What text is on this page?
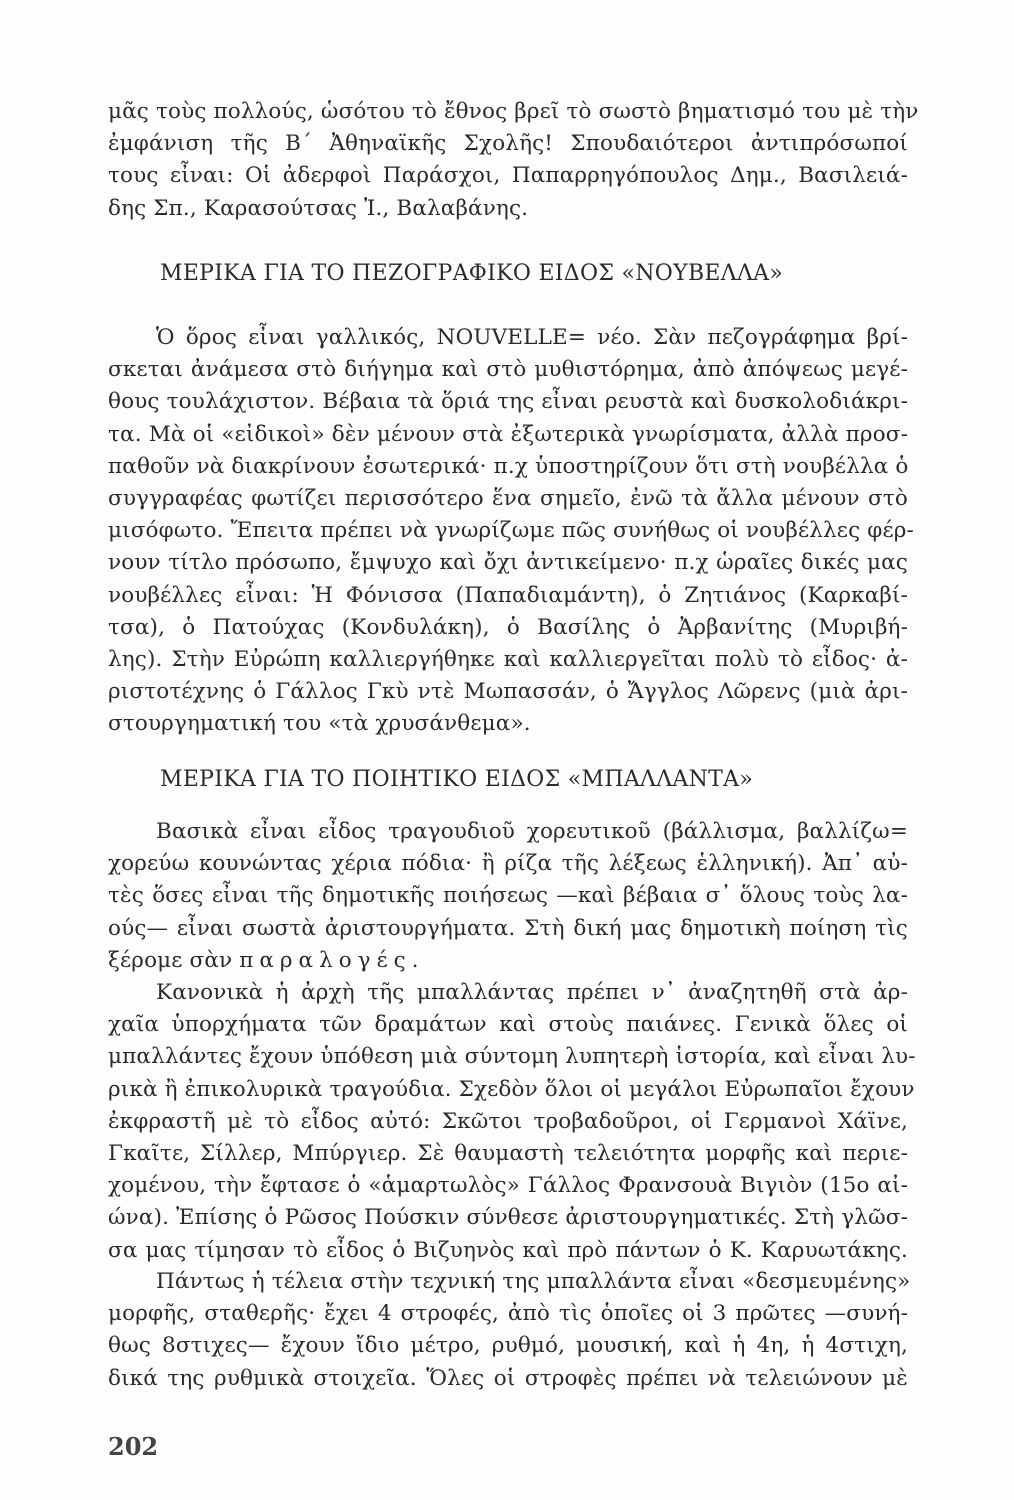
μᾶς τοὺς πολλούς, ὡσότου τὸ ἔθνος βρεῖ τὸ σωστὸ βηματισμό του μὲ τὴν
ἐμφάνιση τῆς Β΄ Ἀθηναϊκῆς Σχολῆς! Σπουδαιότεροι ἀντιπρόσωποί
τους εἶναι: Οἱ ἀδερφοὶ Παράσχοι, Παπαρρηγόπουλος Δημ., Βασιλειά-
δης Σπ., Καρασούτσας Ἰ., Βαλαβάνης.
ΜΕΡΙΚΑ ΓΙΑ ΤΟ ΠΕΖΟΓΡΑΦΙΚΟ ΕΙΔΟΣ «ΝΟΥΒΕΛΛΑ»
Ὁ ὅρος εἶναι γαλλικός, NOUVELLE= νέο. Σὰν πεζογράφημα βρί-
σκεται ἀνάμεσα στὸ διήγημα καὶ στὸ μυθιστόρημα, ἀπὸ ἀπόψεως μεγέ-
θους τουλάχιστον. Βέβαια τὰ ὅριά της εἶναι ρευστὰ καὶ δυσκολοδιάκρι-
τα. Μὰ οἱ «εἰδικοὶ» δὲν μένουν στὰ ἐξωτερικὰ γνωρίσματα, ἀλλὰ προσ-
παθοῦν νὰ διακρίνουν ἐσωτερικά· π.χ ὑποστηρίζουν ὅτι στὴ νουβέλλα ὁ
συγγραφέας φωτίζει περισσότερο ἕνα σημεῖο, ἐνῶ τὰ ἄλλα μένουν στὸ
μισόφωτο. Ἔπειτα πρέπει νὰ γνωρίζωμε πῶς συνήθως οἱ νουβέλλες φέρ-
νουν τίτλο πρόσωπο, ἔμψυχο καὶ ὄχι ἀντικείμενο· π.χ ὡραῖες δικές μας
νουβέλλες εἶναι: Ἡ Φόνισσα (Παπαδιαμάντη), ὁ Ζητιάνος (Καρκαβί-
τσα), ὁ Πατούχας (Κονδυλάκη), ὁ Βασίλης ὁ Ἀρβανίτης (Μυριβή-
λης). Στὴν Εὐρώπη καλλιεργήθηκε καὶ καλλιεργεῖται πολὺ τὸ εἶδος· ἀ-
ριστοτέχνης ὁ Γάλλος Γκὺ ντὲ Μωπασσάν, ὁ Ἄγγλος Λῶρενς (μιὰ ἀρι-
στουργηματική του «τὰ χρυσάνθεμα».
ΜΕΡΙΚΑ ΓΙΑ ΤΟ ΠΟΙΗΤΙΚΟ ΕΙΔΟΣ «ΜΠΑΛΛΑΝΤΑ»
Βασικὰ εἶναι εἶδος τραγουδιοῦ χορευτικοῦ (βάλλισμα, βαλλίζω=
χορεύω κουνώντας χέρια πόδια· ἢ ρίζα τῆς λέξεως ἑλληνική). Ἀπ᾽ αὐ-
τὲς ὅσες εἶναι τῆς δημοτικῆς ποιήσεως —καὶ βέβαια σ᾽ ὅλους τοὺς λα-
ούς— εἶναι σωστὰ ἀριστουργήματα. Στὴ δική μας δημοτικὴ ποίηση τὶς
ξέρομε σὰν παραλογές.
Κανονικὰ ἡ ἀρχὴ τῆς μπαλλάντας πρέπει ν᾽ ἀναζητηθῆ στὰ ἀρ-
χαῖα ὑπορχήματα τῶν δραμάτων καὶ στοὺς παιάνες. Γενικὰ ὅλες οἱ
μπαλλάντες ἔχουν ὑπόθεση μιὰ σύντομη λυπητερὴ ἱστορία, καὶ εἶναι λυ-
ρικὰ ἢ ἐπικολυρικὰ τραγούδια. Σχεδὸν ὅλοι οἱ μεγάλοι Εὐρωπαῖοι ἔχουν
ἐκφραστῆ μὲ τὸ εἶδος αὐτό: Σκῶτοι τροβαδοῦροι, οἱ Γερμανοὶ Χάϊνε,
Γκαῖτε, Σίλλερ, Μπύργιερ. Σὲ θαυμαστὴ τελειότητα μορφῆς καὶ περιε-
χομένου, τὴν ἔφτασε ὁ «ἁμαρτωλὸς» Γάλλος Φρανσουὰ Βιγιὸν (15ο αἰ-
ώνα). Ἐπίσης ὁ Ρῶσος Πούσκιν σύνθεσε ἀριστουργηματικές. Στὴ γλῶσ-
σα μας τίμησαν τὸ εἶδος ὁ Βιζυηνὸς καὶ πρὸ πάντων ὁ Κ. Καρυωτάκης.
Πάντως ἡ τέλεια στὴν τεχνική της μπαλλάντα εἶναι «δεσμευμένης»
μορφῆς, σταθερῆς· ἔχει 4 στροφές, ἀπὸ τὶς ὁποῖες οἱ 3 πρῶτες —συνή-
θως 8στιχες— ἔχουν ἴδιο μέτρο, ρυθμό, μουσική, καὶ ἡ 4η, ἡ 4στιχη,
δικά της ρυθμικὰ στοιχεῖα. Ὅλες οἱ στροφὲς πρέπει νὰ τελειώνουν μὲ
202
